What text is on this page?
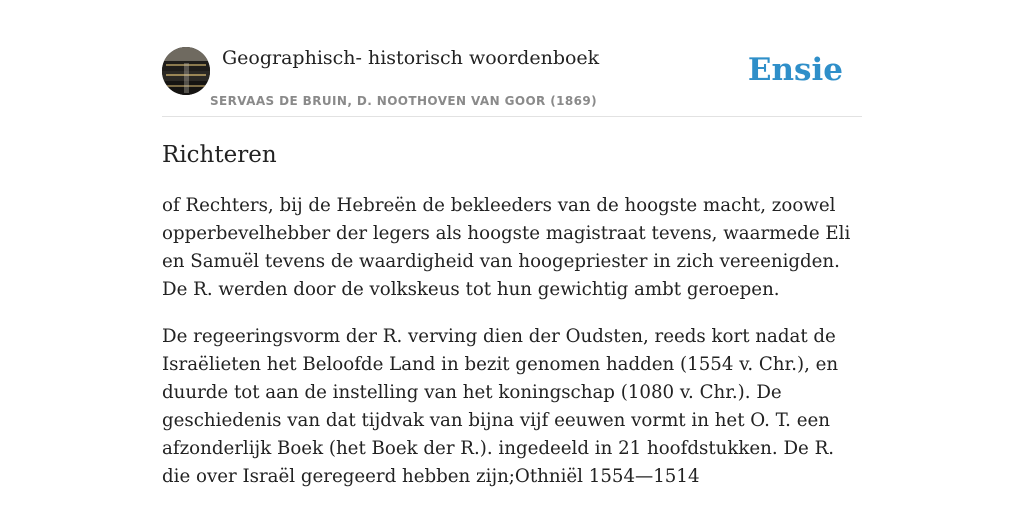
Geographisch- historisch woordenboek
SERVAAS DE BRUIN, D. NOOTHOVEN VAN GOOR (1869)
Ensie
Richteren

of Rechters, bij de Hebreën de bekleeders van de hoogste macht, zoowel opperbevelhebber der legers als hoogste magistraat tevens, waarmede Eli en Samuël tevens de waardigheid van hoogepriester in zich vereenigden. De R. werden door de volkskeus tot hun gewichtig ambt geroepen.

De regeeringsvorm der R. verving dien der Oudsten, reeds kort nadat de Israëlieten het Beloofde Land in bezit genomen hadden (1554 v. Chr.), en duurde tot aan de instelling van het koningschap (1080 v. Chr.). De geschiedenis van dat tijdvak van bijna vijf eeuwen vormt in het O. T. een afzonderlijk Boek (het Boek der R.). ingedeeld in 21 hoofdstukken. De R. die over Israël geregeerd hebben zijn;Othniël 1554—1514
